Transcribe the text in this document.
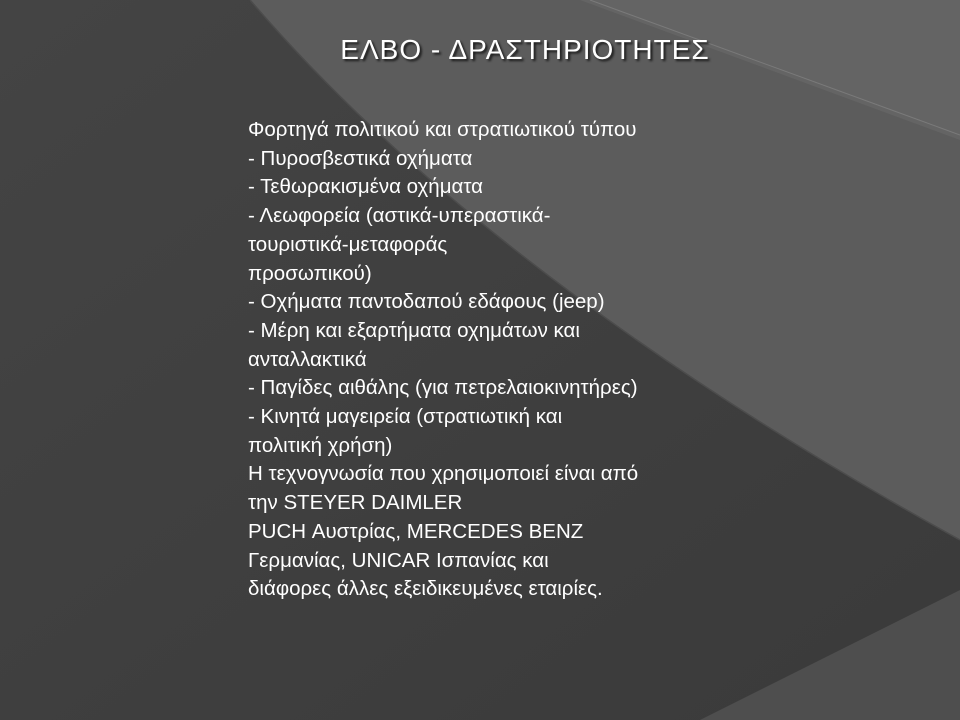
ΕΛΒΟ - ΔΡΑΣΤΗΡΙΟΤΗΤΕΣ
Φορτηγά πολιτικού και στρατιωτικού τύπου
- Πυροσβεστικά οχήματα
- Τεθωρακισμένα οχήματα
- Λεωφορεία (αστικά-υπεραστικά-
τουριστικά-μεταφοράς
προσωπικού)
- Οχήματα παντοδαπού εδάφους (jeep)
- Μέρη και εξαρτήματα οχημάτων και
ανταλλακτικά
- Παγίδες αιθάλης (για πετρελαιοκινητήρες)
- Κινητά μαγειρεία (στρατιωτική και
πολιτική χρήση)
Η τεχνογνωσία που χρησιμοποιεί είναι από
την STEYER DAIMLER
PUCH Αυστρίας, MERCEDES BENZ
Γερμανίας, UNICAR Ισπανίας και
διάφορες άλλες εξειδικευμένες εταιρίες.
